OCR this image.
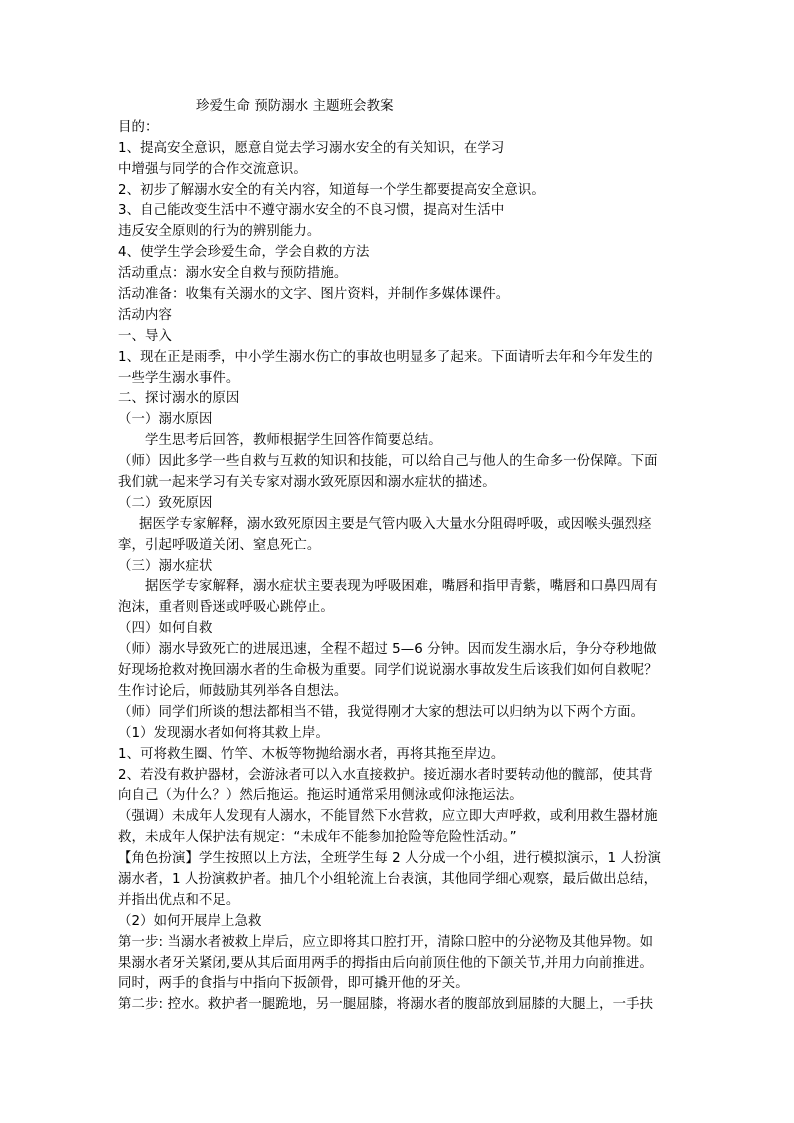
珍爱生命 预防溺水 主题班会教案
目的：
1、提高安全意识，愿意自觉去学习溺水安全的有关知识，在学习
中增强与同学的合作交流意识。
2、初步了解溺水安全的有关内容，知道每一个学生都要提高安全意识。
3、自己能改变生活中不遵守溺水安全的不良习惯，提高对生活中
违反安全原则的行为的辨别能力。
4、使学生学会珍爱生命，学会自救的方法
活动重点：溺水安全自救与预防措施。
活动准备：收集有关溺水的文字、图片资料，并制作多媒体课件。
活动内容
一、导入
1、现在正是雨季，中小学生溺水伤亡的事故也明显多了起来。下面请听去年和今年发生的
一些学生溺水事件。
二、探讨溺水的原因
（一）溺水原因
学生思考后回答，教师根据学生回答作简要总结。
（师）因此多学一些自救与互救的知识和技能，可以给自己与他人的生命多一份保障。下面
我们就一起来学习有关专家对溺水致死原因和溺水症状的描述。
（二）致死原因
据医学专家解释，溺水致死原因主要是气管内吸入大量水分阻碍呼吸，或因喉头强烈痉
挛，引起呼吸道关闭、窒息死亡。
（三）溺水症状
据医学专家解释，溺水症状主要表现为呼吸困难，嘴唇和指甲青紫，嘴唇和口鼻四周有
泡沫，重者则昏迷或呼吸心跳停止。
（四）如何自救
（师）溺水导致死亡的进展迅速，全程不超过 5—6 分钟。因而发生溺水后，争分夺秒地做
好现场抢救对挽回溺水者的生命极为重要。同学们说说溺水事故发生后该我们如何自救呢？
生作讨论后，师鼓励其列举各自想法。
（师）同学们所谈的想法都相当不错，我觉得刚才大家的想法可以归纳为以下两个方面。
（1）发现溺水者如何将其救上岸。
1、可将救生圈、竹竿、木板等物抛给溺水者，再将其拖至岸边。
2、若没有救护器材，会游泳者可以入水直接救护。接近溺水者时要转动他的髋部，使其背
向自己（为什么？）然后拖运。拖运时通常采用侧泳或仰泳拖运法。
（强调）未成年人发现有人溺水，不能冒然下水营救，应立即大声呼救，或利用救生器材施
救，未成年人保护法有规定：“未成年不能参加抢险等危险性活动。”
【角色扮演】学生按照以上方法，全班学生每 2 人分成一个小组，进行模拟演示，1 人扮演
溺水者，1 人扮演救护者。抽几个小组轮流上台表演，其他同学细心观察，最后做出总结，
并指出优点和不足。
（2）如何开展岸上急救
第一步: 当溺水者被救上岸后，应立即将其口腔打开，清除口腔中的分泌物及其他异物。如
果溺水者牙关紧闭,要从其后面用两手的拇指由后向前顶住他的下颌关节,并用力向前推进。
同时，两手的食指与中指向下扳颌骨，即可撬开他的牙关。
第二步: 控水。救护者一腿跪地，另一腿屈膝，将溺水者的腹部放到屈膝的大腿上，一手扶
